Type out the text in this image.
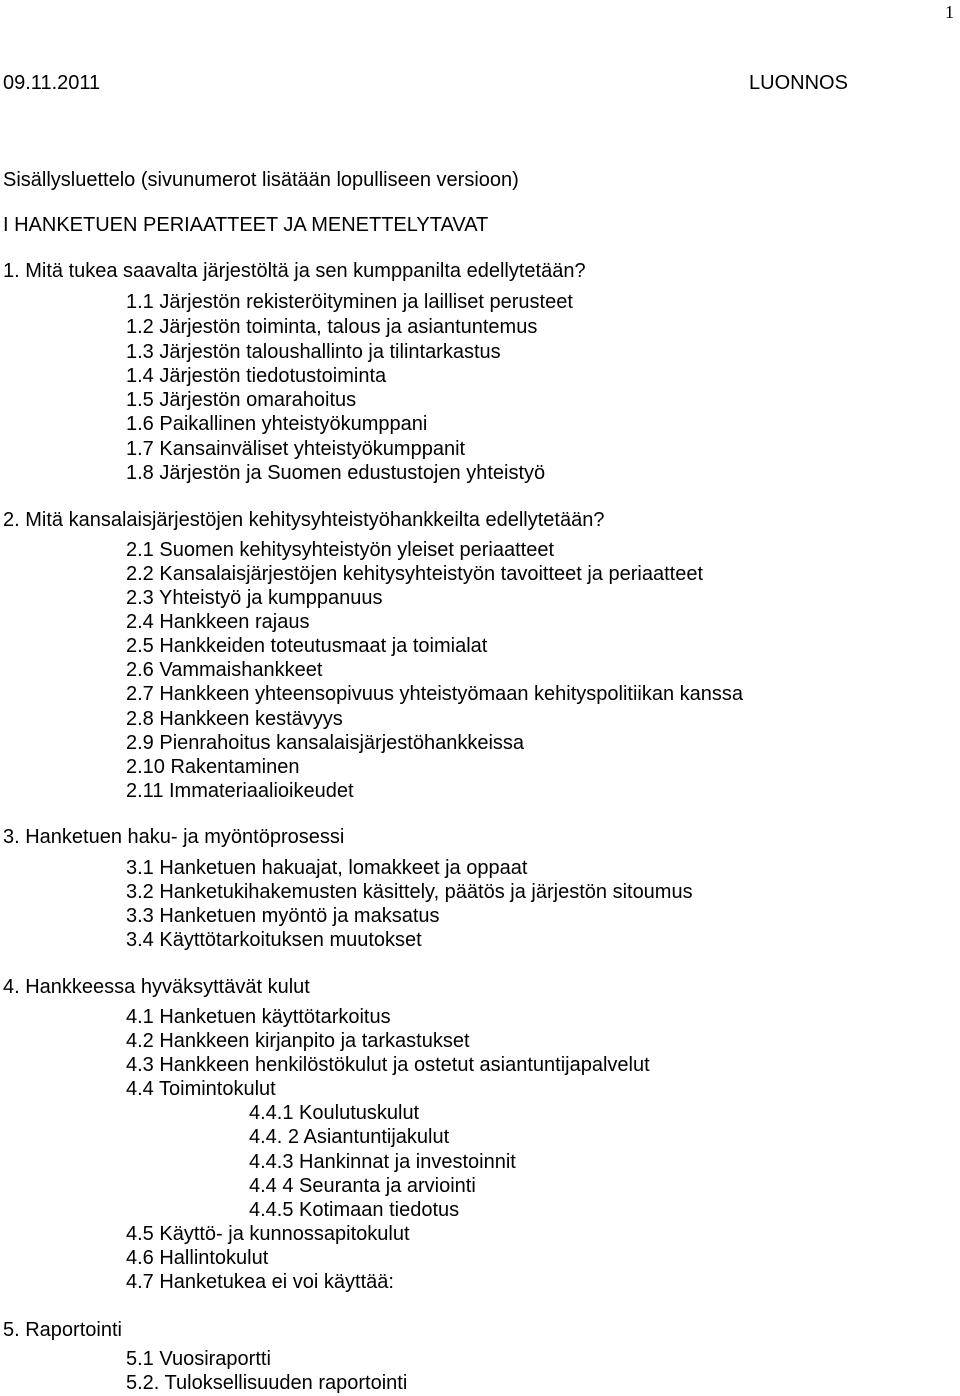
1
09.11.2011	LUONNOS
Sisällysluettelo (sivunumerot lisätään lopulliseen versioon)
I HANKETUEN PERIAATTEET JA MENETTELYTAVAT
1. Mitä tukea saavalta järjestöltä ja sen kumppanilta edellytetään?
1.1 Järjestön rekisteröityminen ja lailliset perusteet
1.2 Järjestön toiminta, talous ja asiantuntemus
1.3 Järjestön taloushallinto ja tilintarkastus
1.4 Järjestön tiedotustoiminta
1.5 Järjestön omarahoitus
1.6 Paikallinen yhteistyökumppani
1.7 Kansainväliset yhteistyökumppanit
1.8 Järjestön ja Suomen edustustojen yhteistyö
2. Mitä kansalaisjärjestöjen kehitysyhteistyöhankkeilta edellytetään?
2.1 Suomen kehitysyhteistyön yleiset periaatteet
2.2 Kansalaisjärjestöjen kehitysyhteistyön tavoitteet ja periaatteet
2.3 Yhteistyö ja kumppanuus
2.4 Hankkeen rajaus
2.5 Hankkeiden toteutusmaat ja toimialat
2.6 Vammaishankkeet
2.7 Hankkeen yhteensopivuus yhteistyömaan kehityspolitiikan kanssa
2.8 Hankkeen kestävyys
2.9 Pienrahoitus kansalaisjärjestöhankkeissa
2.10 Rakentaminen
2.11 Immateriaalioikeudet
3. Hanketuen haku- ja myöntöprosessi
3.1 Hanketuen hakuajat, lomakkeet ja oppaat
3.2 Hanketukihakemusten käsittely, päätös ja järjestön sitoumus
3.3 Hanketuen myöntö ja maksatus
3.4 Käyttötarkoituksen muutokset
4. Hankkeessa hyväksyttävät kulut
4.1 Hanketuen käyttötarkoitus
4.2 Hankkeen kirjanpito ja tarkastukset
4.3 Hankkeen henkilöstökulut ja ostetut asiantuntijapalvelut
4.4 Toimintokulut
4.4.1 Koulutuskulut
4.4. 2 Asiantuntijakulut
4.4.3 Hankinnat ja investoinnit
4.4 4 Seuranta ja arviointi
4.4.5 Kotimaan tiedotus
4.5 Käyttö- ja kunnossapitokulut
4.6 Hallintokulut
4.7 Hanketukea ei voi käyttää:
5. Raportointi
5.1 Vuosiraportti
5.2. Tuloksellisuuden raportointi
